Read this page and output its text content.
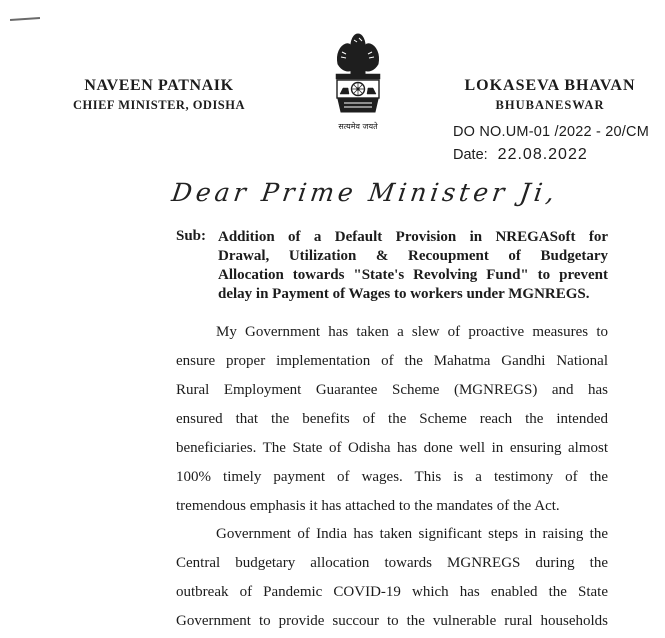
NAVEEN PATNAIK
CHIEF MINISTER, ODISHA
सत्यमेव जयते
LOKASEVA BHAVAN
BHUBANESWAR
DO NO.UM-01 /2022 - 20/CM
Date: 22.08.2022
Dear Prime Minister Ji,
Sub: Addition of a Default Provision in NREGASoft for
Drawal, Utilization & Recoupment of Budgetary
Allocation towards "State's Revolving Fund" to prevent
delay in Payment of Wages to workers under MGNREGS.

My Government has taken a slew of proactive measures to
ensure proper implementation of the Mahatma Gandhi National
Rural Employment Guarantee Scheme (MGNREGS) and has
ensured that the benefits of the Scheme reach the intended
beneficiaries. The State of Odisha has done well in ensuring almost
100% timely payment of wages. This is a testimony of the
tremendous emphasis it has attached to the mandates of the Act.

Government of India has taken significant steps in raising the
Central budgetary allocation towards MGNREGS during the
outbreak of Pandemic COVID-19 which has enabled the State
Government to provide succour to the vulnerable rural households
